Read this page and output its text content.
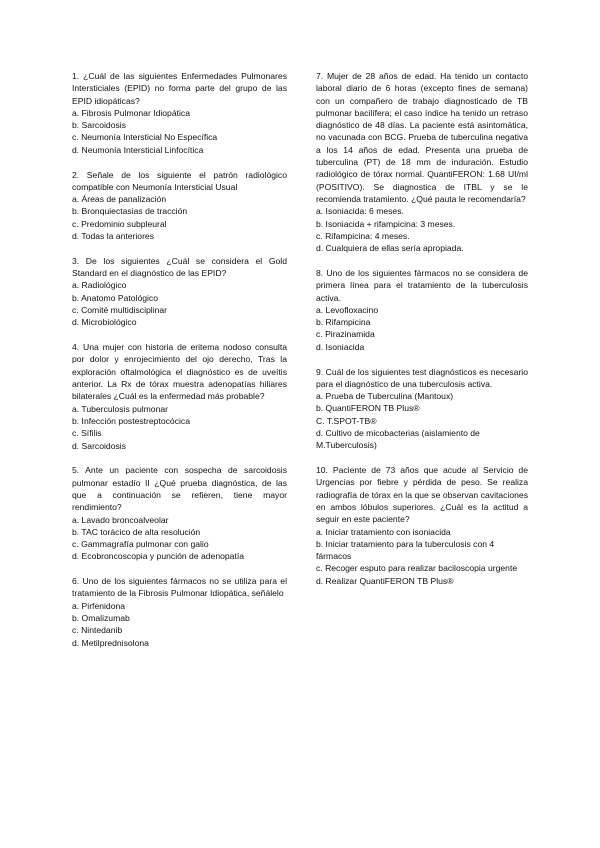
1. ¿Cuál de las siguientes Enfermedades Pulmonares Intersticiales (EPID) no forma parte del grupo de las EPID idiopáticas?
a. Fibrosis Pulmonar Idiopática
b. Sarcoidosis
c. Neumonía Intersticial No Específica
d. Neumonía Intersticial Linfocítica
2. Señale de los siguiente el patrón radiológico compatible con Neumonía Intersticial Usual
a. Áreas de panalización
b. Bronquiectasias de tracción
c. Predominio subpleural
d. Todas la anteriores
3. De los siguientes ¿Cuál se considera el Gold Standard en el diagnóstico de las EPID?
a. Radiológico
b. Anatomo Patológico
c. Comité multidisciplinar
d. Microbiológico
4. Una mujer con historia de eritema nodoso consulta por dolor y enrojecimiento del ojo derecho, Tras la exploración oftalmológica el diagnóstico es de uveítis anterior. La Rx de tórax muestra adenopatías hiliares bilaterales ¿Cuál es la enfermedad más probable?
a. Tuberculosis pulmonar
b. Infección postestreptocócica
c. Sífilis
d. Sarcoidosis
5. Ante un paciente con sospecha de sarcoidosis pulmonar estadío II ¿Qué prueba diagnóstica, de las que a continuación se refieren, tiene mayor rendimiento?
a. Lavado broncoalveolar
b. TAC torácico de alta resolución
c. Gammagrafía pulmonar con galio
d. Ecobroncoscopia y punción de adenopatía
6. Uno de los siguientes fármacos no se utiliza para el tratamiento de la Fibrosis Pulmonar Idiopática, señálelo
a. Pirfenidona
b. Omalizumab
c. Nintedanib
d. Metilprednisolona
7. Mujer de 28 años de edad. Ha tenido un contacto laboral diario de 6 horas (excepto fines de semana) con un compañero de trabajo diagnosticado de TB pulmonar bacilífera; el caso índice ha tenido un retraso diagnóstico de 48 días. La paciente está asintomática, no vacunada con BCG. Prueba de tuberculina negativa a los 14 años de edad. Presenta una prueba de tuberculina (PT) de 18 mm de induración. Estudio radiológico de tórax normal. QuantiFERON: 1.68 UI/ml (POSITIVO). Se diagnostica de ITBL y se le recomienda tratamiento. ¿Qué pauta le recomendaría?
a. Isoniacida: 6 meses.
b. Isoniacida + rifampicina: 3 meses.
c. Rifampicina: 4 meses.
d. Cualquiera de ellas sería apropiada.
8. Uno de los siguientes fármacos no se considera de primera línea para el tratamiento de la tuberculosis activa.
a. Levofloxacino
b. Rifampicina
c. Pirazinamida
d. Isoniacida
9. Cuál de los siguientes test diagnósticos es necesario para el diagnóstico de una tuberculosis activa.
a. Prueba de Tuberculina (Mantoux)
b. QuantiFERON TB Plus®
C. T.SPOT-TB®
d. Cultivo de micobacterias (aislamiento de M.Tuberculosis)
10. Paciente de 73 años que acude al Servicio de Urgencias por fiebre y pérdida de peso. Se realiza radiografía de tórax en la que se observan cavitaciones en ambos lóbulos superiores. ¿Cuál es la actitud a seguir en este paciente?
a. Iniciar tratamiento con isoniacida
b. Iniciar tratamiento para la tuberculosis con 4 fármacos
c. Recoger esputo para realizar baciloscopia urgente
d. Realizar QuantiFERON TB Plus®
